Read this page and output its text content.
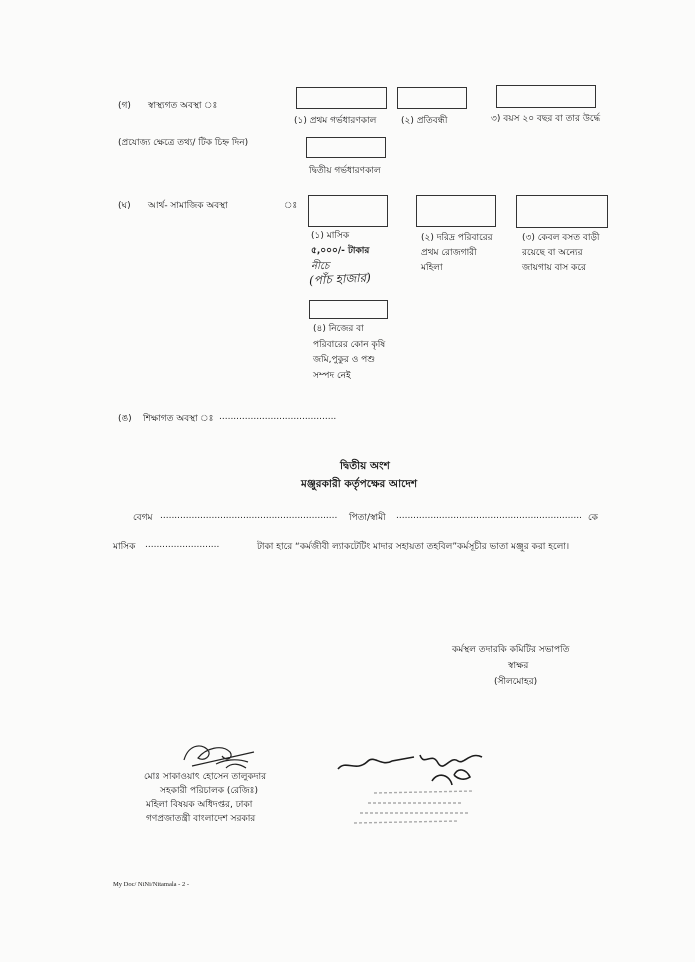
(গ) স্বাস্থ্যগত অবস্থা ঃ
(প্রযোজ্য ক্ষেত্রে তথ্য/ টিক চিহ্ন দিন)
(১) প্রথম গর্ভধারণকাল	(২) প্রতিবন্ধী	৩) বয়স ২০ বছর বা তার উর্দ্ধে
দ্বিতীয় গর্ভধারণকাল
(ঘ) আর্থ- সামাজিক অবস্থা	ঃ
(১) মাসিক
৫,০০০/- টাকার
নীচে
(পাঁচ হাজার)
(২) দরিদ্র পরিবারের প্রথম রোজগারী মহিলা
(৩) কেবল বসত বাড়ী রয়েছে বা অন্যের জায়গায় বাস করে
(৪) নিজের বা পরিবারের কোন কৃষি জমি,পুকুর ও পশু সম্পদ নেই
(ঙ) শিক্ষাগত অবস্থা ঃ .........................................
দ্বিতীয় অংশ
মঞ্জুরকারী কর্তৃপক্ষের আদেশ
বেগম .............................................................. পিতা/স্বামী ................................................................. কে
মাসিক ..........................	টাকা হারে “কর্মজীবী ল্যাকটেটিং মাদার সহায়তা তহবিল”কর্মসূচীর ভাতা মঞ্জুর করা হলো।
কর্মস্থল তদারকি কমিটির সভাপতি
স্বাক্ষর
(সীলমোহর)
মোঃ সাকাওয়াৎ হোসেন তালুকদার
সহকারী পরিচালক (রেজিঃ)
মহিলা বিষয়ক অধিদপ্তর, ঢাকা
গণপ্রজাতন্ত্রী বাংলাদেশ সরকার
My Doc/ NiNi/Nitamala - 2 -
